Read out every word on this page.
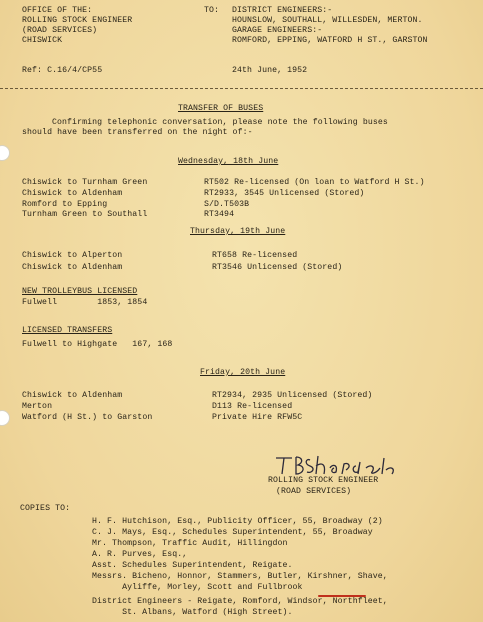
OFFICE OF THE:
ROLLING STOCK ENGINEER
(ROAD SERVICES)
CHISWICK
TO: DISTRICT ENGINEERS:-
HOUNSLOW, SOUTHALL, WILLESDEN, MERTON.
GARAGE ENGINEERS:-
ROMFORD, EPPING, WATFORD H ST., GARSTON
Ref: C.16/4/CP55	24th June, 1952
TRANSFER OF BUSES
Confirming telephonic conversation, please note the following buses
should have been transferred on the night of:-
Wednesday, 18th June
Chiswick to Turnham Green	RT502 Re-licensed (On loan to Watford H St.)
Chiswick to Aldenham	RT2933, 3545 Unlicensed (Stored)
Romford to Epping	S/D.T503B
Turnham Green to Southall	RT3494
Thursday, 19th June
Chiswick to Alperton	RT658 Re-licensed
Chiswick to Aldenham	RT3546 Unlicensed (Stored)
NEW TROLLEYBUS LICENSED
Fulwell        1853, 1854
LICENSED TRANSFERS
Fulwell to Highgate   167, 168
Friday, 20th June
Chiswick to Aldenham	RT2934, 2935 Unlicensed (Stored)
Merton	D113 Re-licensed
Watford (H St.) to Garston	Private Hire RFW5C
ROLLING STOCK ENGINEER
(ROAD SERVICES)
COPIES TO:
H. F. Hutchison, Esq., Publicity Officer, 55, Broadway (2)
C. J. Mays, Esq., Schedules Superintendent, 55, Broadway
Mr. Thompson, Traffic Audit, Hillingdon
A. R. Purves, Esq.,
Asst. Schedules Superintendent, Reigate.
Messrs. Bicheno, Honnor, Stammers, Butler, Kirshner, Shave,
Ayliffe, Morley, Scott and Fullbrook
District Engineers - Reigate, Romford, Windsor, Northfleet,
St. Albans, Watford (High Street).
